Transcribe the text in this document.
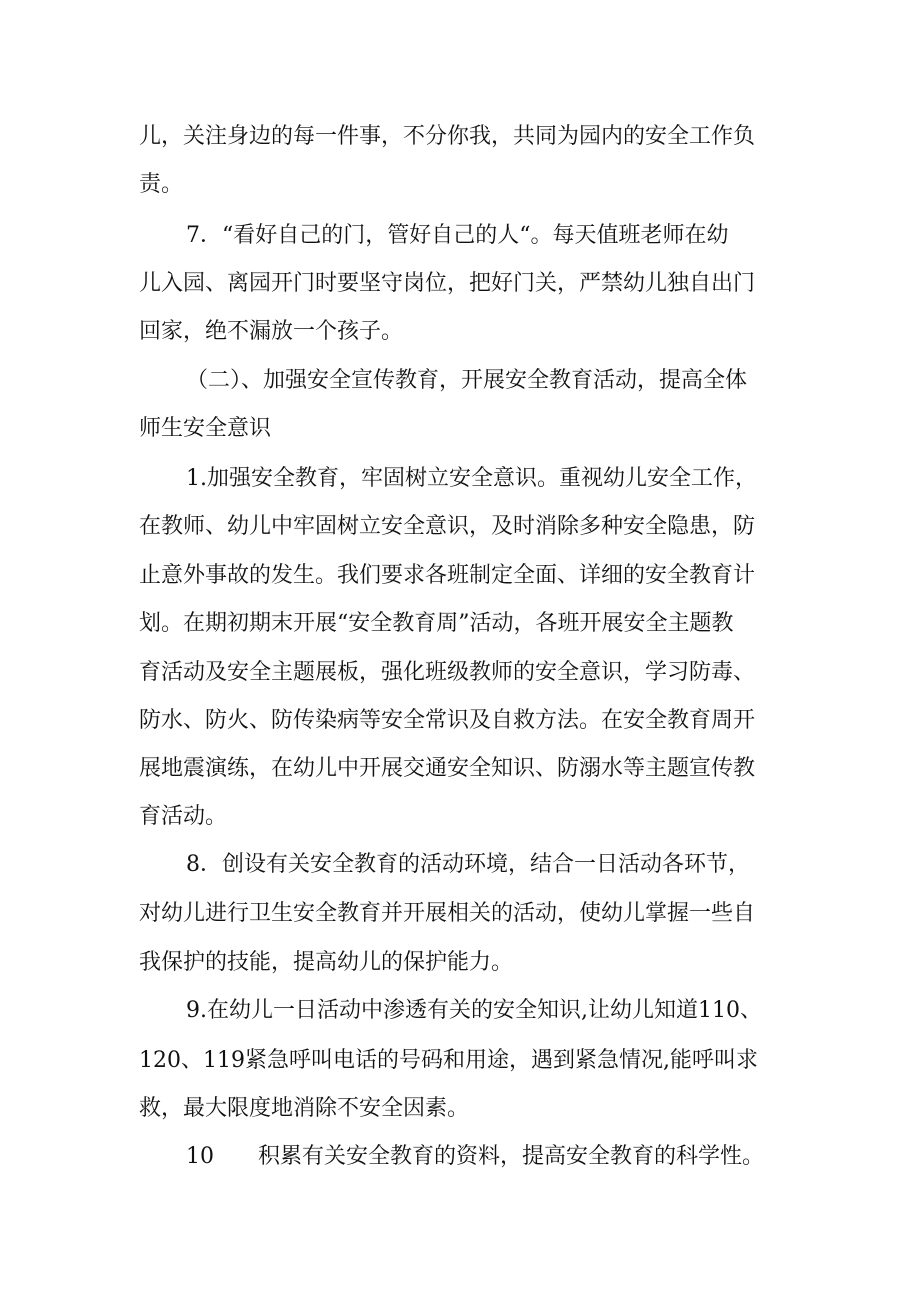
儿，关注身边的每一件事，不分你我，共同为园内的安全工作负
责。
7．“看好自己的门，管好自己的人“。每天值班老师在幼
儿入园、离园开门时要坚守岗位，把好门关，严禁幼儿独自出门
回家，绝不漏放一个孩子。
（二）、加强安全宣传教育，开展安全教育活动，提高全体
师生安全意识
1.加强安全教育，牢固树立安全意识。重视幼儿安全工作，
在教师、幼儿中牢固树立安全意识，及时消除多种安全隐患，防
止意外事故的发生。我们要求各班制定全面、详细的安全教育计
划。在期初期末开展“安全教育周”活动，各班开展安全主题教
育活动及安全主题展板，强化班级教师的安全意识，学习防毒、
防水、防火、防传染病等安全常识及自救方法。在安全教育周开
展地震演练，在幼儿中开展交通安全知识、防溺水等主题宣传教
育活动。
8．创设有关安全教育的活动环境，结合一日活动各环节，
对幼儿进行卫生安全教育并开展相关的活动，使幼儿掌握一些自
我保护的技能，提高幼儿的保护能力。
9.在幼儿一日活动中渗透有关的安全知识,让幼儿知道110、
120、119紧急呼叫电话的号码和用途，遇到紧急情况,能呼叫求
救，最大限度地消除不安全因素。
10　　积累有关安全教育的资料，提高安全教育的科学性。
